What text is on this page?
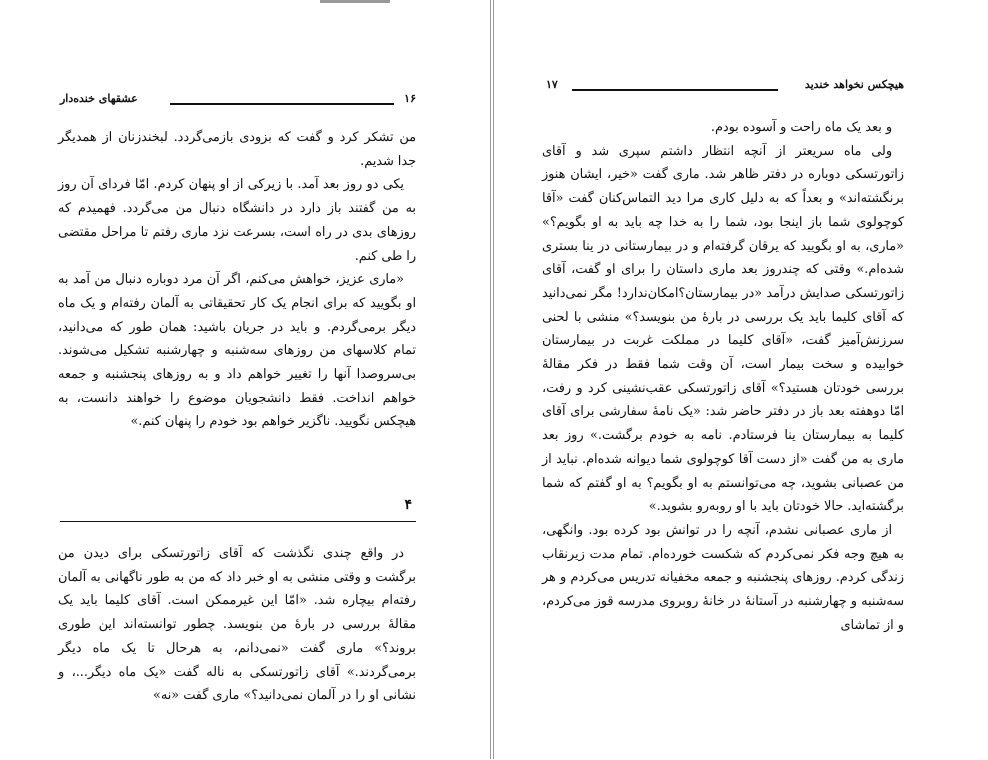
۱۶
عشقهای خنده‌دار

من تشکر کرد و گفت که بزودی بازمی‌گردد. لبخندزنان از همدیگر جدا شدیم.

یکی دو روز بعد آمد. با زیرکی از او پنهان کردم. امّا فردای آن روز به من گفتند باز دارد در دانشگاه دنبال من می‌گردد. فهمیدم که روزهای بدی در راه است، بسرعت نزد ماری رفتم تا مراحل مقتضی را طی کنم.

«ماری عزیز، خواهش می‌کنم، اگر آن مرد دوباره دنبال من آمد به او بگویید که برای انجام یک کار تحقیقاتی به آلمان رفته‌ام و یک ماه دیگر برمی‌گردم. و باید در جریان باشید: همان طور که می‌دانید، تمام کلاسهای من روزهای سه‌شنبه و چهارشنبه تشکیل می‌شوند. بی‌سروصدا آنها را تغییر خواهم داد و به روزهای پنجشنبه و جمعه خواهم انداخت. فقط دانشجویان موضوع را خواهند دانست، به هیچکس نگویید. ناگزیر خواهم بود خودم را پنهان کنم.»

۴

در واقع چندی نگذشت که آقای زاتورتسکی برای دیدن من برگشت و وقتی منشی به او خبر داد که من به طور ناگهانی به آلمان رفته‌ام بیچاره شد. «امّا این غیرممکن است. آقای کلیما باید یک مقالهٔ بررسی در بارهٔ من بنویسد. چطور توانسته‌اند این طوری بروند؟» ماری گفت «نمی‌دانم، به هرحال تا یک ماه دیگر برمی‌گردند.» آقای زاتورتسکی به ناله گفت «یک ماه دیگر...، و نشانی او را در آلمان نمی‌دانید؟» ماری گفت «نه»

هیچکس نخواهد خندید
۱۷

و بعد یک ماه راحت و آسوده بودم.

ولی ماه سریعتر از آنچه انتظار داشتم سپری شد و آقای زاتورتسکی دوباره در دفتر ظاهر شد. ماری گفت «خیر، ایشان هنوز برنگشته‌اند» و بعداً که به دلیل کاری مرا دید التماس‌کنان گفت «آقا کوچولوی شما باز اینجا بود، شما را به خدا چه باید به او بگویم؟» «ماری، به او بگویید که یرقان گرفته‌ام و در بیمارستانی در ینا بستری شده‌ام.» وقتی که چندروز بعد ماری داستان را برای او گفت، آقای زاتورتسکی صدایش درآمد «در بیمارستان؟امکان‌ندارد! مگر نمی‌دانید که آقای کلیما باید یک بررسی در بارهٔ من بنویسد؟» منشی با لحنی سرزنش‌آمیز گفت، «آقای کلیما در مملکت غربت در بیمارستان خوابیده و سخت بیمار است، آن وقت شما فقط در فکر مقالهٔ بررسی خودتان هستید؟» آقای زاتورتسکی عقب‌نشینی کرد و رفت، امّا دوهفته بعد باز در دفتر حاضر شد: «یک نامهٔ سفارشی برای آقای کلیما به بیمارستان ینا فرستادم. نامه به خودم برگشت.» روز بعد ماری به من گفت «از دست آقا کوچولوی شما دیوانه شده‌ام. نباید از من عصبانی بشوید، چه می‌توانستم به او بگویم؟ به او گفتم که شما برگشته‌اید. حالا خودتان باید با او روبه‌رو بشوید.»

از ماری عصبانی نشدم، آنچه را در توانش بود کرده بود. وانگهی، به هیچ وجه فکر نمی‌کردم که شکست خورده‌ام. تمام مدت زیرنقاب زندگی کردم. روزهای پنجشنبه و جمعه مخفیانه تدریس می‌کردم و هر سه‌شنبه و چهارشنبه در آستانهٔ در خانهٔ روبروی مدرسه قوز می‌کردم، و از تماشای
